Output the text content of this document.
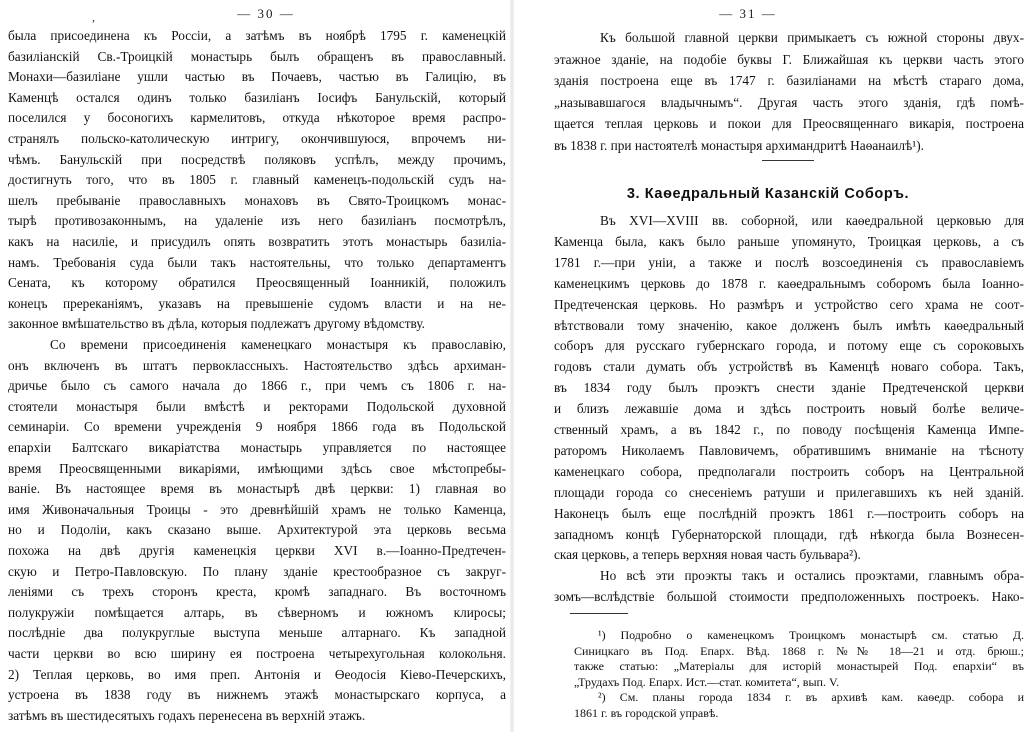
,	— 30 —
была присоединена къ Россіи, а затѣмъ въ ноябрѣ 1795 г. каменецкій
базиліанскій Св.-Троицкій монастырь былъ обращенъ въ православный.
Монахи—базиліане ушли частью въ Почаевъ, частью въ Галицію, въ
Каменцѣ остался одинъ только базиліанъ Іосифъ Банульскій, который
поселился у босоногихъ кармелитовъ, откуда нѣкоторое время распро-
странялъ польско-католическую интригу, окончившуюся, впрочемъ ни-
чѣмъ. Банульскій при посредствѣ поляковъ успѣлъ, между прочимъ,
достигнуть того, что въ 1805 г. главный каменецъ-подольскій судъ на-
шелъ пребываніе православныхъ монаховъ въ Свято-Троицкомъ монас-
тырѣ противозаконнымъ, на удаленіе изъ него базиліанъ посмотрѣлъ,
какъ на насиліе, и присудилъ опять возвратить этотъ монастырь базиліа-
намъ. Требованія суда были такъ настоятельны, что только департаментъ
Сената, къ которому обратился Преосвященный Іоанникій, положилъ
конецъ пререканіямъ, указавъ на превышеніе судомъ власти и на не-
законное вмѣшательство въ дѣла, которыя подлежатъ другому вѣдомству.
Со времени присоединенія каменецкаго монастыря къ православію,
онъ включенъ въ штатъ первоклассныхъ. Настоятельство здѣсь архиман-
дричье было съ самого начала до 1866 г., при чемъ съ 1806 г. на-
стоятели монастыря были вмѣстѣ и ректорами Подольской духовной
семинаріи. Со времени учрежденія 9 ноября 1866 года въ Подольской
епархіи Балтскаго викаріатства монастырь управляется по настоящее
время Преосвященными викаріями, имѣющими здѣсь свое мѣстопребы-
ваніе. Въ настоящее время въ монастырѣ двѣ церкви: 1) главная во
имя Живоначальныя Троицы - это древнѣйшій храмъ не только Каменца,
но и Подоліи, какъ сказано выше. Архитектурой эта церковь весьма
похожа на двѣ другія каменецкія церкви XVI в.—Іоанно-Предтечен-
скую и Петро-Павловскую. По плану зданіе крестообразное съ закруг-
леніями съ трехъ сторонъ креста, кромѣ западнаго. Въ восточномъ
полукружіи помѣщается алтарь, въ сѣверномъ и южномъ клиросы;
послѣдніе два полукруглые выступа меньше алтарнаго. Къ западной
части церкви во всю ширину ея построена четырехугольная колокольня.
2) Теплая церковь, во имя преп. Антонія и Өеодосія Кіево-Печерскихъ,
устроена въ 1838 году въ нижнемъ этажѣ монастырскаго корпуса, а
затѣмъ въ шестидесятыхъ годахъ перенесена въ верхній этажъ.
— 31 —
Къ большой главной церкви примыкаетъ съ южной стороны двух-
этажное зданіе, на подобіе буквы Г. Ближайшая къ церкви часть этого
зданія построена еще въ 1747 г. базиліанами на мѣстѣ стараго дома,
„называвшагося владычнымъ“. Другая часть этого зданія, гдѣ помѣ-
щается теплая церковь и покои для Преосвященнаго викарія, построена
въ 1838 г. при настоятелѣ монастыря архимандритѣ Наѳанаилѣ¹).
3. Каѳедральный Казанскій Соборъ.
Въ XVI—XVIII вв. соборной, или каѳедральной церковью для
Каменца была, какъ было раньше упомянуто, Троицкая церковь, а съ
1781 г.—при уніи, а также и послѣ возсоединенія съ православіемъ
каменецкимъ церковь до 1878 г. каѳедральнымъ соборомъ была Іоанно-
Предтеченская церковь. Но размѣръ и устройство сего храма не соот-
вѣтствовали тому значенію, какое долженъ былъ имѣть каѳедральный
соборъ для русскаго губернскаго города, и потому еще съ сороковыхъ
годовъ стали думать объ устройствѣ въ Каменцѣ новаго собора. Такъ,
въ 1834 году былъ проэктъ снести зданіе Предтеченской церкви
и близъ лежавшіе дома и здѣсь построить новый болѣе величе-
ственный храмъ, а въ 1842 г., по поводу посѣщенія Каменца Импе-
раторомъ Николаемъ Павловичемъ, обратившимъ вниманіе на тѣсноту
каменецкаго собора, предполагали построить соборъ на Центральной
площади города со снесеніемъ ратуши и прилегавшихъ къ ней зданій.
Наконецъ былъ еще послѣдній проэктъ 1861 г.—построить соборъ на
западномъ концѣ Губернаторской площади, гдѣ нѣкогда была Вознесен-
ская церковь, а теперь верхняя новая часть бульвара²).
Но всѣ эти проэкты такъ и остались проэктами, главнымъ обра-
зомъ—вслѣдствіе большой стоимости предположенныхъ построекъ. Нако-
¹) Подробно о каменецкомъ Троицкомъ монастырѣ см. статью Д.
Синицкаго въ Под. Епарх. Вѣд. 1868 г. №№ 18—21 и отд. брюш.;
также статью: „Матеріалы для исторій монастырей Под. епархіи“ въ
„Трудахъ Под. Епарх. Ист.—стат. комитета“, вып. V.
²) См. планы города 1834 г. въ архивѣ кам. каѳедр. собора и
1861 г. въ городской управѣ.
